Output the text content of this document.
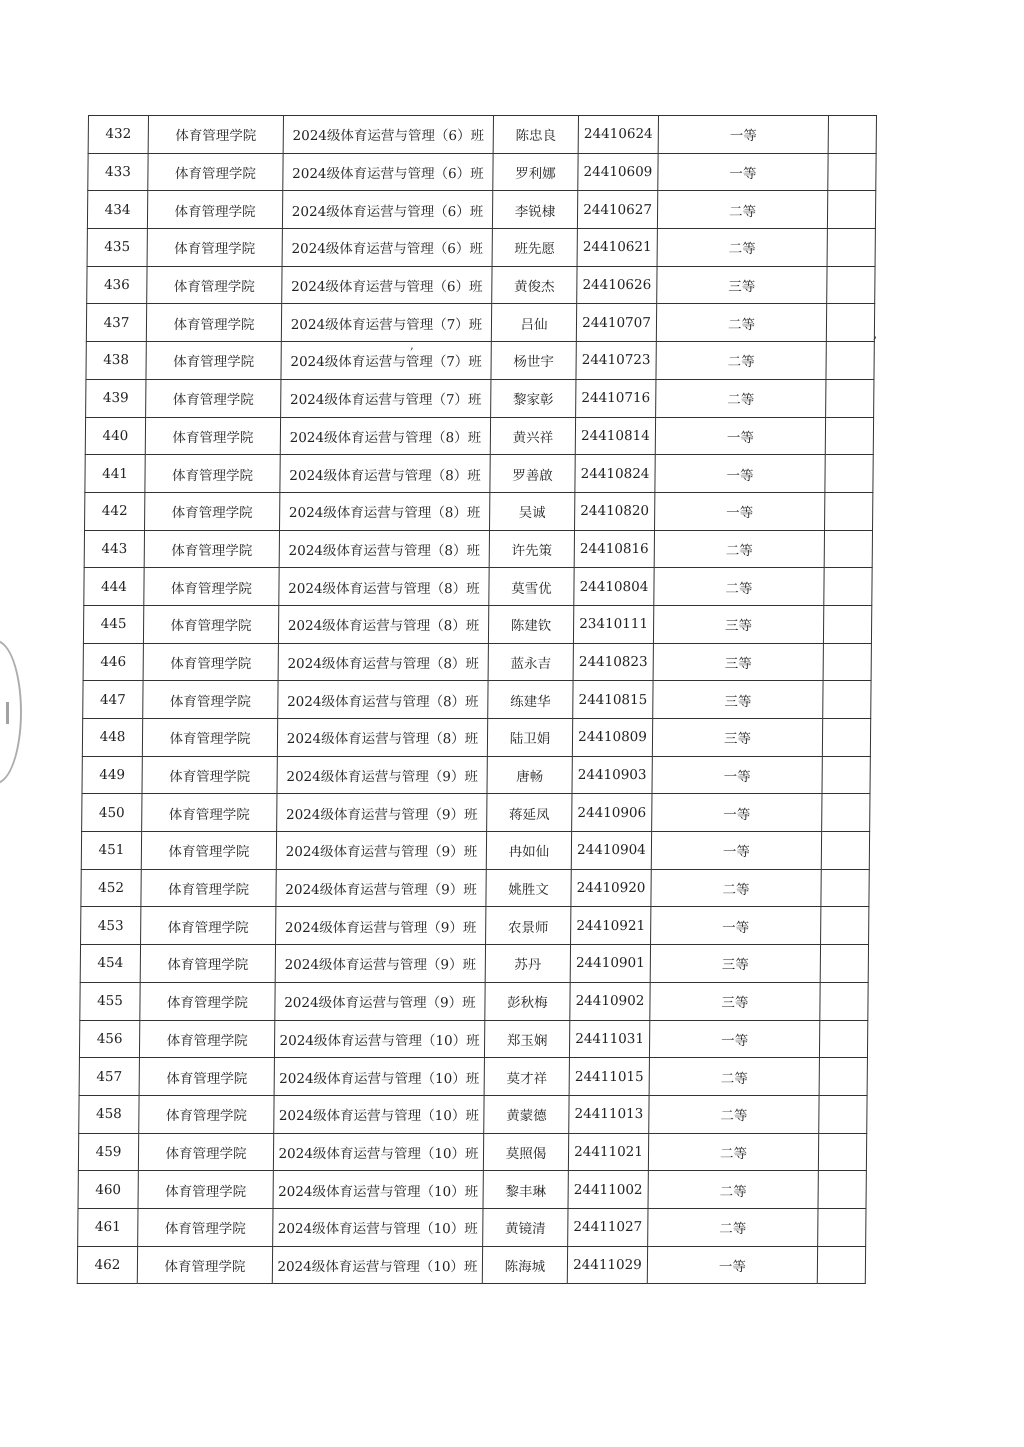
,
,
432	体育管理学院	2024级体育运营与管理（6）班	陈忠良	24410624	一等	
433	体育管理学院	2024级体育运营与管理（6）班	罗利娜	24410609	一等	
434	体育管理学院	2024级体育运营与管理（6）班	李锐棣	24410627	二等	
435	体育管理学院	2024级体育运营与管理（6）班	班先愿	24410621	二等	
436	体育管理学院	2024级体育运营与管理（6）班	黄俊杰	24410626	三等	
437	体育管理学院	2024级体育运营与管理（7）班	吕仙	24410707	二等	
438	体育管理学院	2024级体育运营与管理（7）班	杨世宇	24410723	二等	
439	体育管理学院	2024级体育运营与管理（7）班	黎家彰	24410716	二等	
440	体育管理学院	2024级体育运营与管理（8）班	黄兴祥	24410814	一等	
441	体育管理学院	2024级体育运营与管理（8）班	罗善啟	24410824	一等	
442	体育管理学院	2024级体育运营与管理（8）班	吴诚	24410820	一等	
443	体育管理学院	2024级体育运营与管理（8）班	许先策	24410816	二等	
444	体育管理学院	2024级体育运营与管理（8）班	莫雪优	24410804	二等	
445	体育管理学院	2024级体育运营与管理（8）班	陈建钦	23410111	三等	
446	体育管理学院	2024级体育运营与管理（8）班	蓝永吉	24410823	三等	
447	体育管理学院	2024级体育运营与管理（8）班	练建华	24410815	三等	
448	体育管理学院	2024级体育运营与管理（8）班	陆卫娟	24410809	三等	
449	体育管理学院	2024级体育运营与管理（9）班	唐畅	24410903	一等	
450	体育管理学院	2024级体育运营与管理（9）班	蒋延凤	24410906	一等	
451	体育管理学院	2024级体育运营与管理（9）班	冉如仙	24410904	一等	
452	体育管理学院	2024级体育运营与管理（9）班	姚胜文	24410920	二等	
453	体育管理学院	2024级体育运营与管理（9）班	农景师	24410921	一等	
454	体育管理学院	2024级体育运营与管理（9）班	苏丹	24410901	三等	
455	体育管理学院	2024级体育运营与管理（9）班	彭秋梅	24410902	三等	
456	体育管理学院	2024级体育运营与管理（10）班	郑玉娴	24411031	一等	
457	体育管理学院	2024级体育运营与管理（10）班	莫才祥	24411015	二等	
458	体育管理学院	2024级体育运营与管理（10）班	黄蒙德	24411013	二等	
459	体育管理学院	2024级体育运营与管理（10）班	莫照偈	24411021	二等	
460	体育管理学院	2024级体育运营与管理（10）班	黎丰琳	24411002	二等	
461	体育管理学院	2024级体育运营与管理（10）班	黄镜清	24411027	二等	
462	体育管理学院	2024级体育运营与管理（10）班	陈海城	24411029	一等	
